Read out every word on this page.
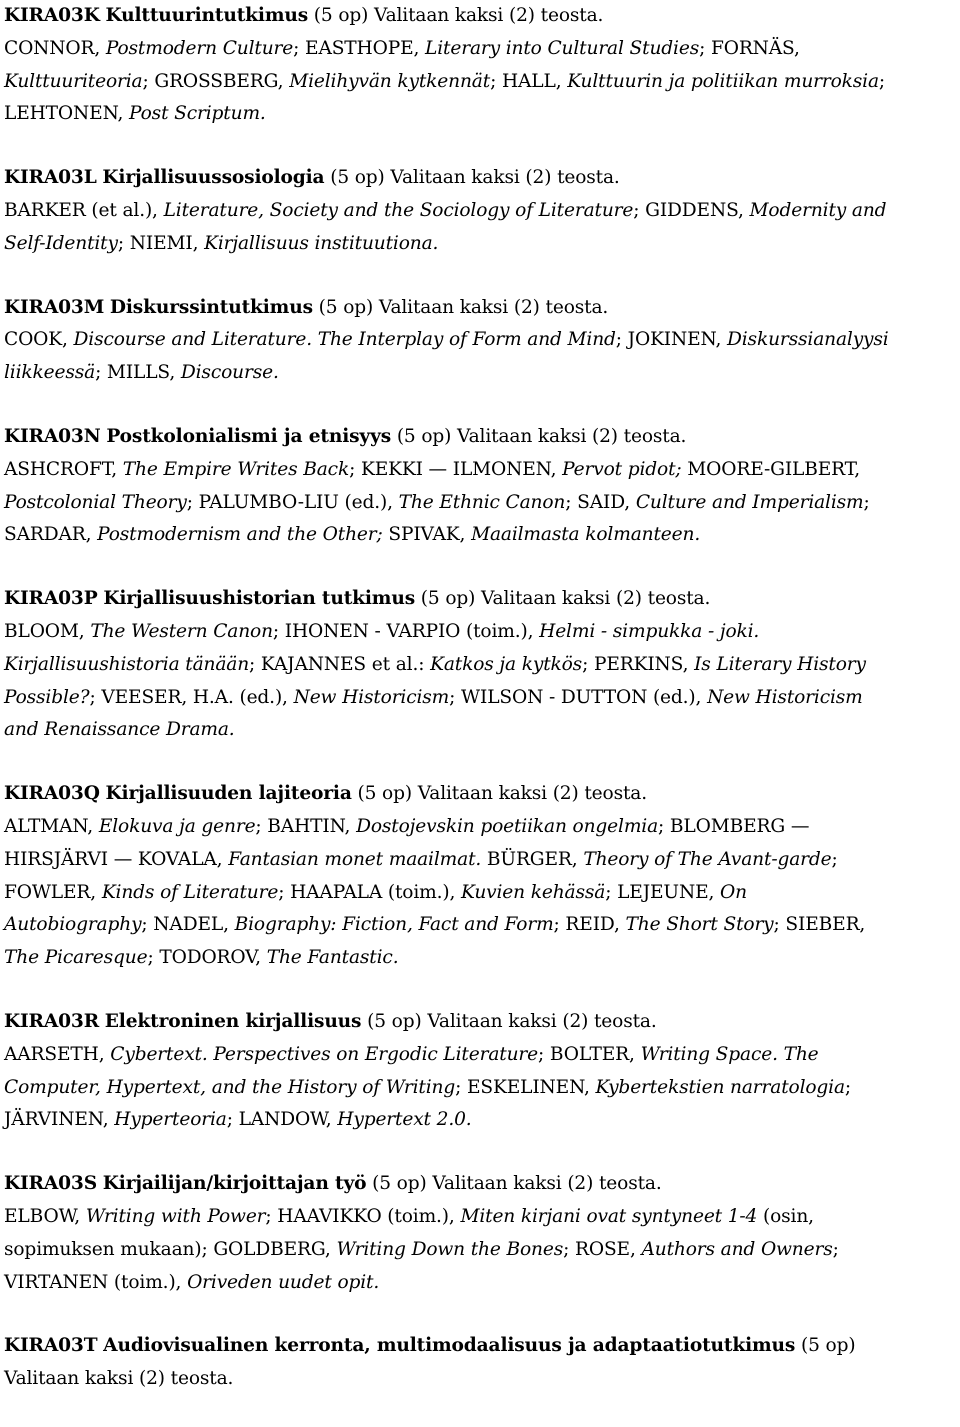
KIRA03K Kulttuurintutkimus (5 op) Valitaan kaksi (2) teosta.
CONNOR, Postmodern Culture; EASTHOPE, Literary into Cultural Studies; FORNÄS,
Kulttuuriteoria; GROSSBERG, Mielihyvän kytkennät; HALL, Kulttuurin ja politiikan murroksia;
LEHTONEN, Post Scriptum.
KIRA03L Kirjallisuussosiologia (5 op) Valitaan kaksi (2) teosta.
BARKER (et al.), Literature, Society and the Sociology of Literature; GIDDENS, Modernity and
Self-Identity; NIEMI, Kirjallisuus instituutiona.
KIRA03M Diskurssintutkimus (5 op) Valitaan kaksi (2) teosta.
COOK, Discourse and Literature. The Interplay of Form and Mind; JOKINEN, Diskurssianalyysi
liikkeessä; MILLS, Discourse.
KIRA03N Postkolonialismi ja etnisyys (5 op) Valitaan kaksi (2) teosta.
ASHCROFT, The Empire Writes Back; KEKKI — ILMONEN, Pervot pidot; MOORE-GILBERT,
Postcolonial Theory; PALUMBO-LIU (ed.), The Ethnic Canon; SAID, Culture and Imperialism;
SARDAR, Postmodernism and the Other; SPIVAK, Maailmasta kolmanteen.
KIRA03P Kirjallisuushistorian tutkimus (5 op) Valitaan kaksi (2) teosta.
BLOOM, The Western Canon; IHONEN - VARPIO (toim.), Helmi - simpukka - joki.
Kirjallisuushistoria tänään; KAJANNES et al.: Katkos ja kytkös; PERKINS, Is Literary History
Possible?; VEESER, H.A. (ed.), New Historicism; WILSON - DUTTON (ed.), New Historicism
and Renaissance Drama.
KIRA03Q Kirjallisuuden lajiteoria (5 op) Valitaan kaksi (2) teosta.
ALTMAN, Elokuva ja genre; BAHTIN, Dostojevskin poetiikan ongelmia; BLOMBERG —
HIRSJÄRVI — KOVALA, Fantasian monet maailmat. BÜRGER, Theory of The Avant-garde;
FOWLER, Kinds of Literature; HAAPALA (toim.), Kuvien kehässä; LEJEUNE, On
Autobiography; NADEL, Biography: Fiction, Fact and Form; REID, The Short Story; SIEBER,
The Picaresque; TODOROV, The Fantastic.
KIRA03R Elektroninen kirjallisuus (5 op) Valitaan kaksi (2) teosta.
AARSETH, Cybertext. Perspectives on Ergodic Literature; BOLTER, Writing Space. The
Computer, Hypertext, and the History of Writing; ESKELINEN, Kybertekstien narratologia;
JÄRVINEN, Hyperteoria; LANDOW, Hypertext 2.0.
KIRA03S Kirjailijan/kirjoittajan työ (5 op) Valitaan kaksi (2) teosta.
ELBOW, Writing with Power; HAAVIKKO (toim.), Miten kirjani ovat syntyneet 1-4 (osin,
sopimuksen mukaan); GOLDBERG, Writing Down the Bones; ROSE, Authors and Owners;
VIRTANEN (toim.), Oriveden uudet opit.
KIRA03T Audiovisualinen kerronta, multimodaalisuus ja adaptaatiotutkimus (5 op)
Valitaan kaksi (2) teosta.
